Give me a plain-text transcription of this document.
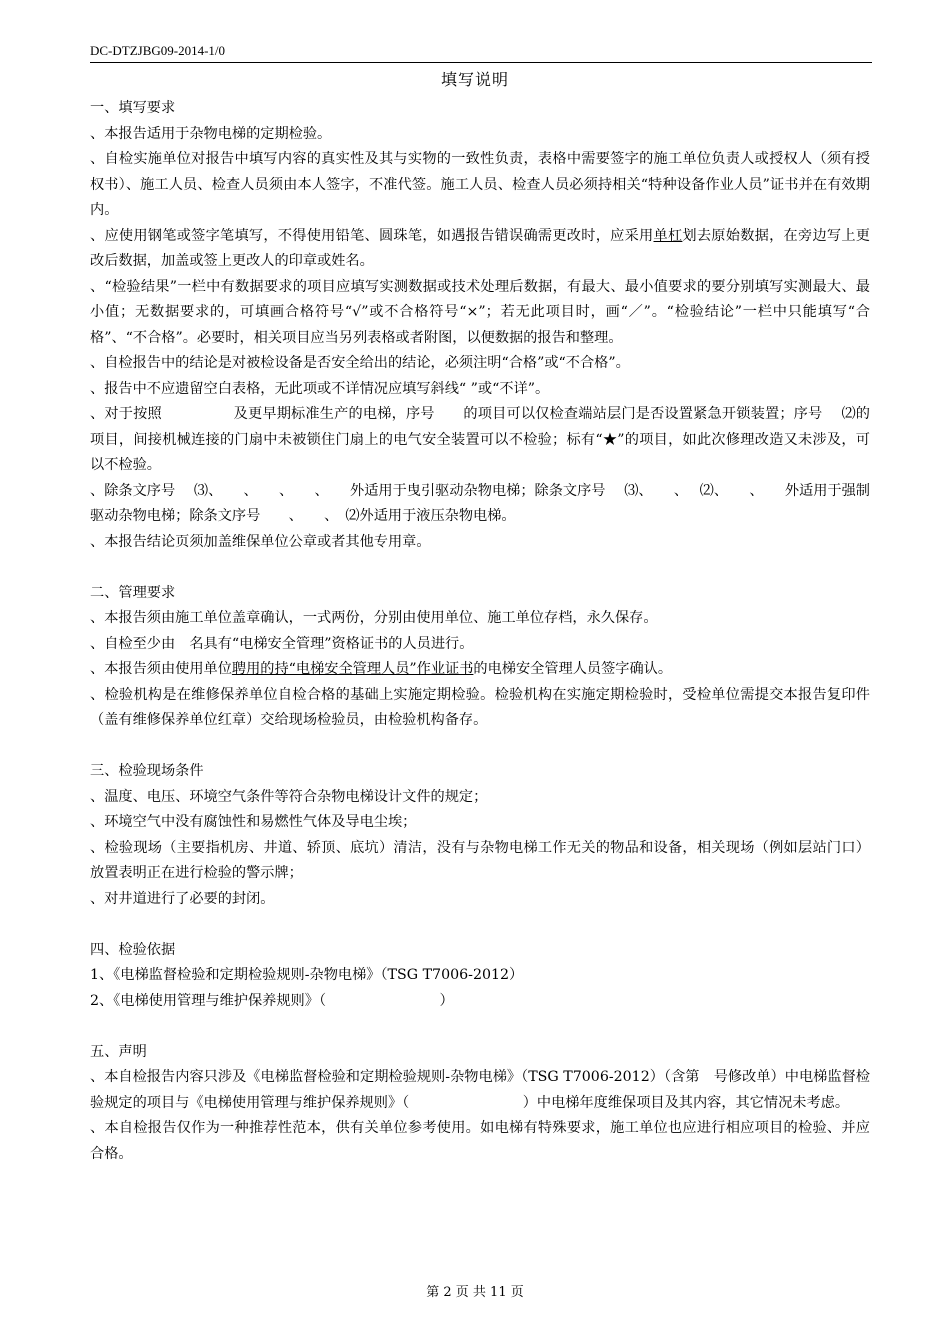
DC-DTZJBG09-2014-1/0
填写说明

一、填写要求

、本报告适用于杂物电梯的定期检验。

、自检实施单位对报告中填写内容的真实性及其与实物的一致性负责，表格中需要签字的施工单位负责人或授权人（须有授权书）、施工人员、检查人员须由本人签字，不准代签。施工人员、检查人员必须持相关“特种设备作业人员”证书并在有效期内。

、应使用钢笔或签字笔填写，不得使用铅笔、圆珠笔，如遇报告错误确需更改时，应采用单杠划去原始数据，在旁边写上更改后数据，加盖或签上更改人的印章或姓名。

、“检验结果”一栏中有数据要求的项目应填写实测数据或技术处理后数据，有最大、最小值要求的要分别填写实测最大、最小值；无数据要求的，可填画合格符号“√”或不合格符号“×”；若无此项目时，画“／”。“检验结论”一栏中只能填写“合格”、“不合格”。必要时，相关项目应当另列表格或者附图，以便数据的报告和整理。

、自检报告中的结论是对被检设备是否安全给出的结论，必须注明“合格”或“不合格”。

、报告中不应遗留空白表格，无此项或不详情况应填写斜线“ ”或“不详”。

、对于按照　　　　　及更早期标准生产的电梯，序号　　的项目可以仅检查端站层门是否设置紧急开锁装置；序号　 ⑵的项目，间接机械连接的门扇中未被锁住门扇上的电气安全装置可以不检验；标有“★”的项目，如此次修理改造又未涉及，可以不检验。

、除条文序号　 ⑶、　　、　　、　　、　　外适用于曳引驱动杂物电梯；除条文序号　 ⑶、　　、　 ⑵、　　、　　外适用于强制驱动杂物电梯；除条文序号　　、　　、　⑵外适用于液压杂物电梯。

、本报告结论页须加盖维保单位公章或者其他专用章。

二、管理要求

、本报告须由施工单位盖章确认，一式两份，分别由使用单位、施工单位存档，永久保存。

、自检至少由　名具有“电梯安全管理”资格证书的人员进行。

、本报告须由使用单位聘用的持“电梯安全管理人员”作业证书的电梯安全管理人员签字确认。

、检验机构是在维修保养单位自检合格的基础上实施定期检验。检验机构在实施定期检验时，受检单位需提交本报告复印件（盖有维修保养单位红章）交给现场检验员，由检验机构备存。

三、检验现场条件

、温度、电压、环境空气条件等符合杂物电梯设计文件的规定；

、环境空气中没有腐蚀性和易燃性气体及导电尘埃；

、检验现场（主要指机房、井道、轿顶、底坑）清洁，没有与杂物电梯工作无关的物品和设备，相关现场（例如层站门口）放置表明正在进行检验的警示牌；

、对井道进行了必要的封闭。

四、检验依据

1、《电梯监督检验和定期检验规则-杂物电梯》（TSG T7006-2012）

2、《电梯使用管理与维护保养规则》（　　　　　　　　）

五、声明

、本自检报告内容只涉及《电梯监督检验和定期检验规则-杂物电梯》（TSG T7006-2012）（含第　号修改单）中电梯监督检验规定的项目与《电梯使用管理与维护保养规则》（　　　　　　　　）中电梯年度维保项目及其内容，其它情况未考虑。

、本自检报告仅作为一种推荐性范本，供有关单位参考使用。如电梯有特殊要求，施工单位也应进行相应项目的检验、并应合格。

第 2 页 共 11 页
